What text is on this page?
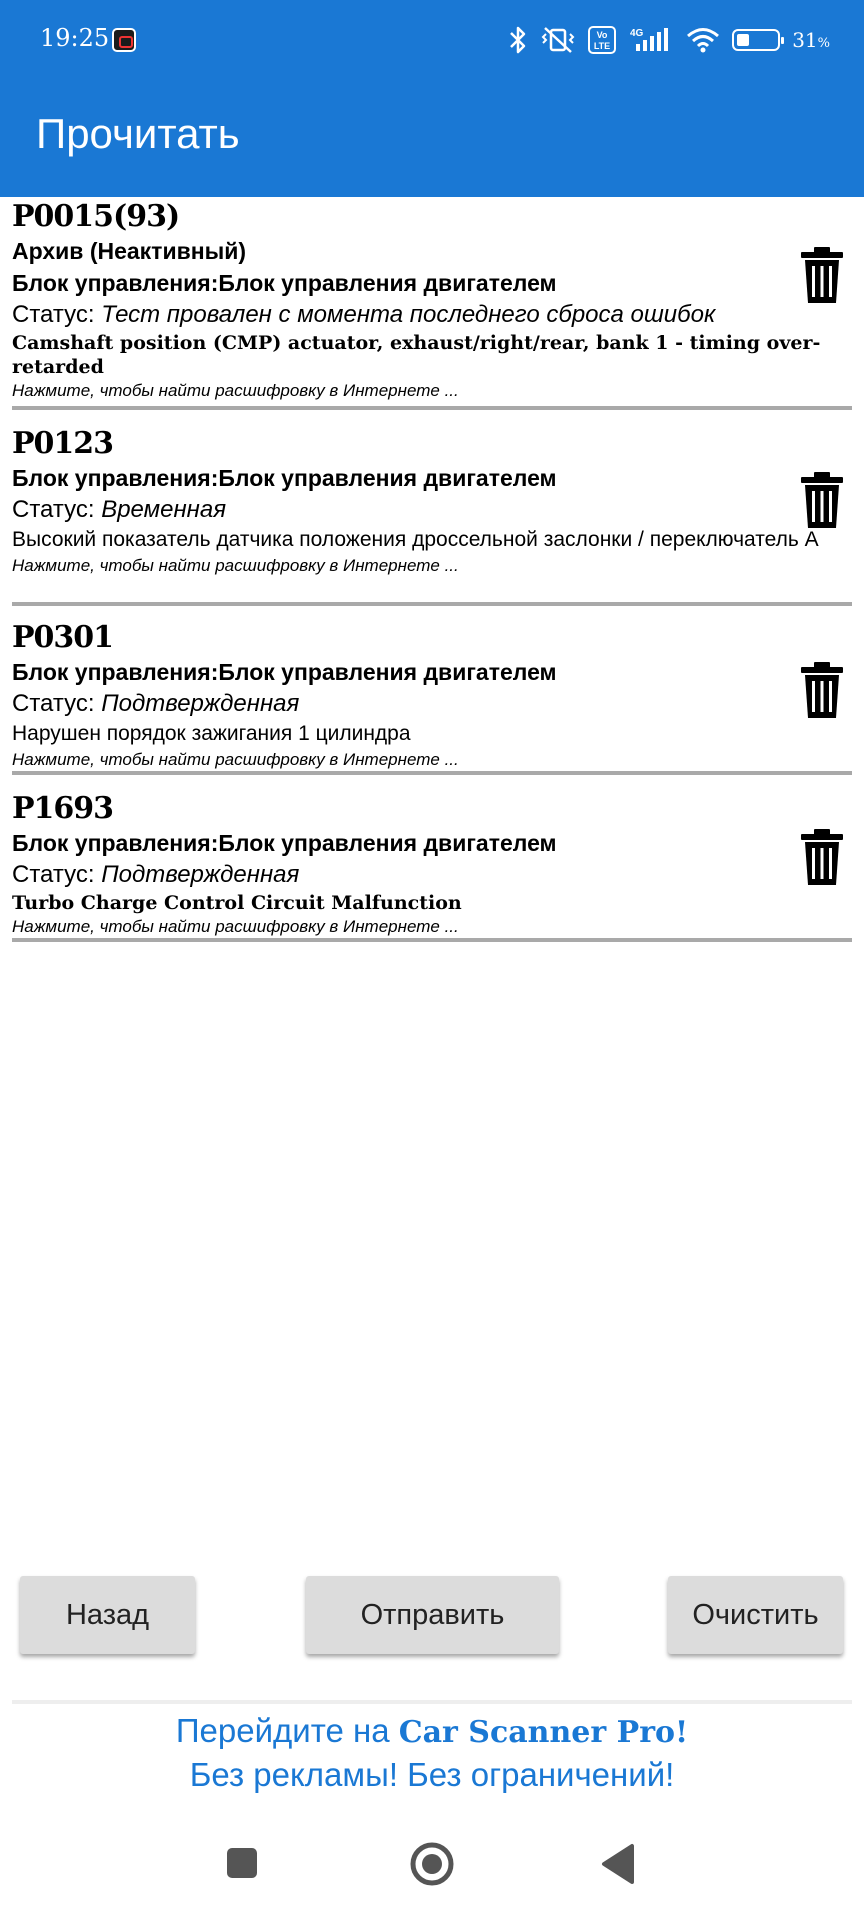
19:25	Vo
LTE
4G	31%
Прочитать
P0015(93)
Архив (Неактивный)
Блок управления:Блок управления двигателем
Статус: Тест провален с момента последнего сброса ошибок
Camshaft position (CMP) actuator, exhaust/right/rear, bank 1 - timing over-retarded
Нажмите, чтобы найти расшифровку в Интернете ...
P0123
Блок управления:Блок управления двигателем
Статус: Временная
Высокий показатель датчика положения дроссельной заслонки / переключатель А
Нажмите, чтобы найти расшифровку в Интернете ...
P0301
Блок управления:Блок управления двигателем
Статус: Подтвержденная
Нарушен порядок зажигания 1 цилиндра
Нажмите, чтобы найти расшифровку в Интернете ...
P1693
Блок управления:Блок управления двигателем
Статус: Подтвержденная
Turbo Charge Control Circuit Malfunction
Нажмите, чтобы найти расшифровку в Интернете ...
Назад	Отправить	Очистить
Перейдите на Car Scanner Pro!
Без рекламы! Без ограничений!
